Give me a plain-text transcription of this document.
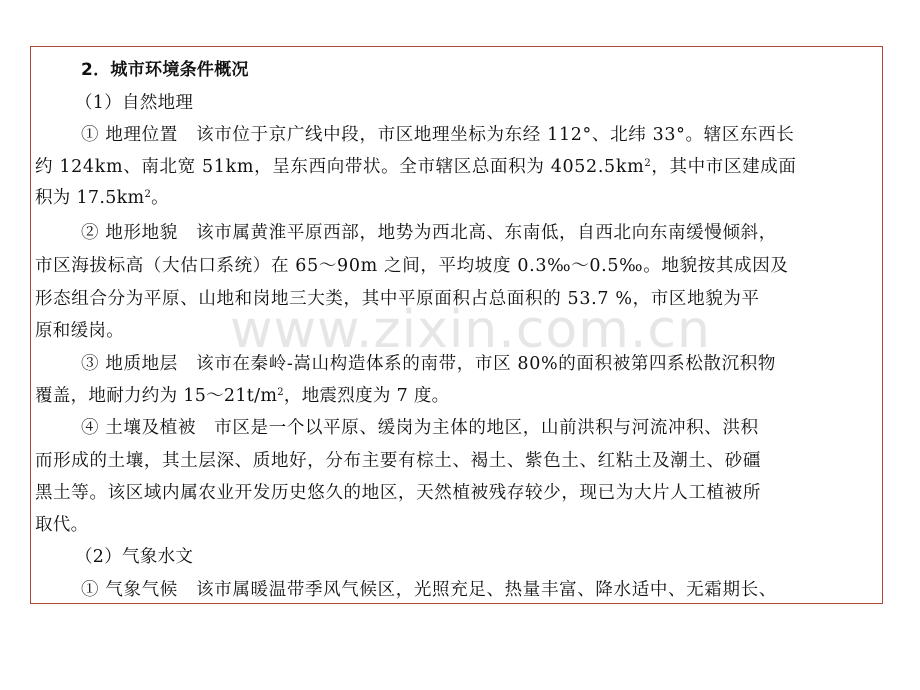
2．城市环境条件概况
（1）自然地理
① 地理位置　该市位于京广线中段，市区地理坐标为东经 112°、北纬 33°。辖区东西长
约 124km、南北宽 51km，呈东西向带状。全市辖区总面积为 $4052.5km^2$，其中市区建成面
积为 $17.5km^2$。
② 地形地貌　该市属黄淮平原西部，地势为西北高、东南低，自西北向东南缓慢倾斜，
市区海拔标高（大估口系统）在 65～90m 之间，平均坡度 0.3‰～0.5‰。地貌按其成因及
形态组合分为平原、山地和岗地三大类，其中平原面积占总面积的 53.7 %，市区地貌为平
原和缓岗。
③ 地质地层　该市在秦岭-嵩山构造体系的南带，市区 80%的面积被第四系松散沉积物
覆盖，地耐力约为 $15\sim 21t/m^2$，地震烈度为 7 度。
④ 土壤及植被　市区是一个以平原、缓岗为主体的地区，山前洪积与河流冲积、洪积
而形成的土壤，其土层深、质地好，分布主要有棕土、褐土、紫色土、红粘土及潮土、砂礓
黑土等。该区域内属农业开发历史悠久的地区，天然植被残存较少，现已为大片人工植被所
取代。
（2）气象水文
① 气象气候　该市属暖温带季风气候区，光照充足、热量丰富、降水适中、无霜期长、
www.zixin.com.cn
